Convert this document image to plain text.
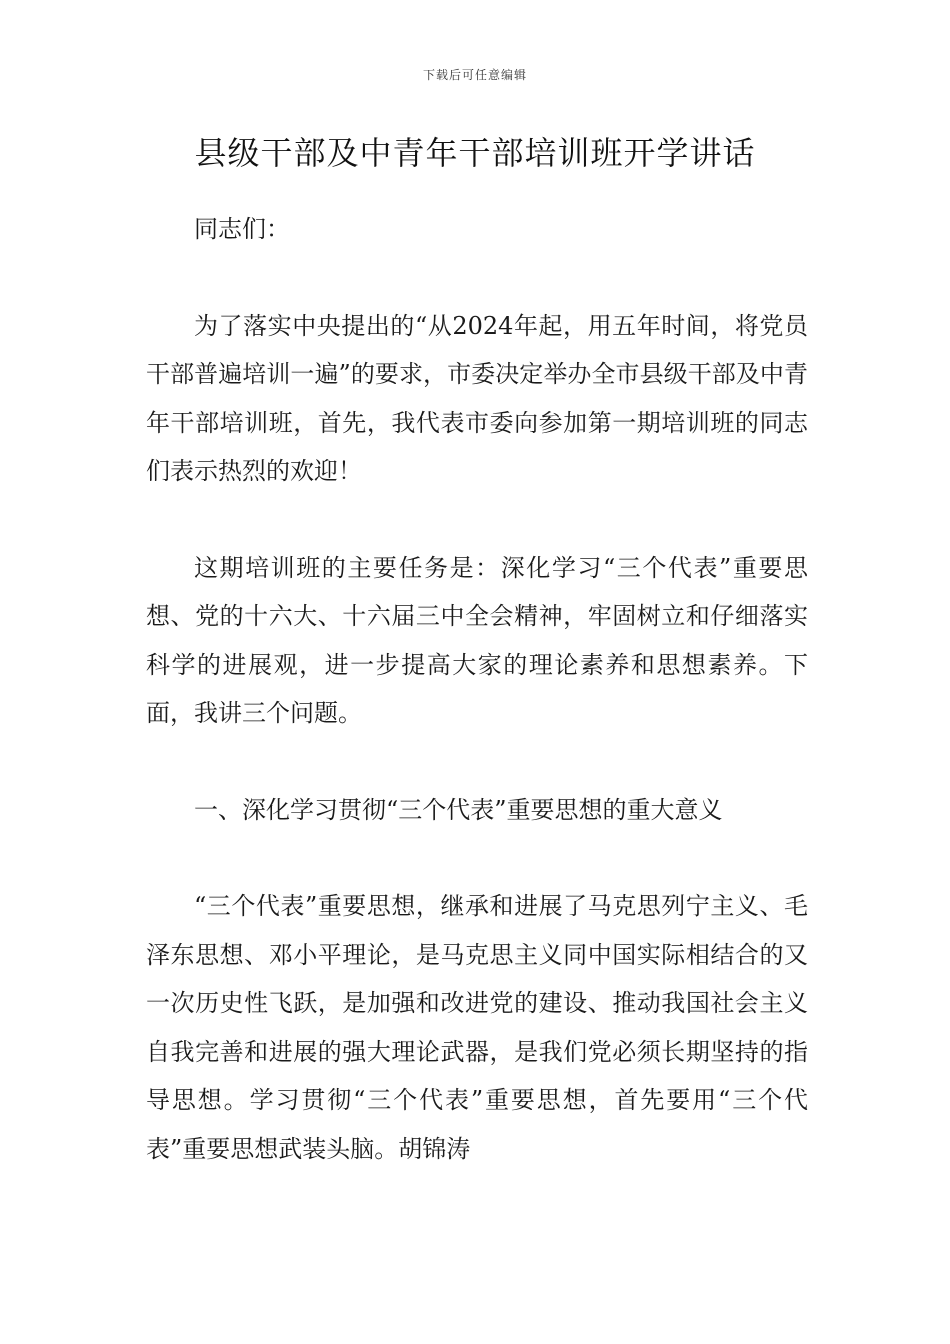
下载后可任意编辑
县级干部及中青年干部培训班开学讲话

同志们：

为了落实中央提出的“从2024年起，用五年时间，将党员干部普遍培训一遍”的要求，市委决定举办全市县级干部及中青年干部培训班，首先，我代表市委向参加第一期培训班的同志们表示热烈的欢迎！

这期培训班的主要任务是：深化学习“三个代表”重要思想、党的十六大、十六届三中全会精神，牢固树立和仔细落实科学的进展观，进一步提高大家的理论素养和思想素养。下面，我讲三个问题。

一、深化学习贯彻“三个代表”重要思想的重大意义

“三个代表”重要思想，继承和进展了马克思列宁主义、毛泽东思想、邓小平理论，是马克思主义同中国实际相结合的又一次历史性飞跃，是加强和改进党的建设、推动我国社会主义自我完善和进展的强大理论武器，是我们党必须长期坚持的指导思想。学习贯彻“三个代表”重要思想，首先要用“三个代表”重要思想武装头脑。胡锦涛
